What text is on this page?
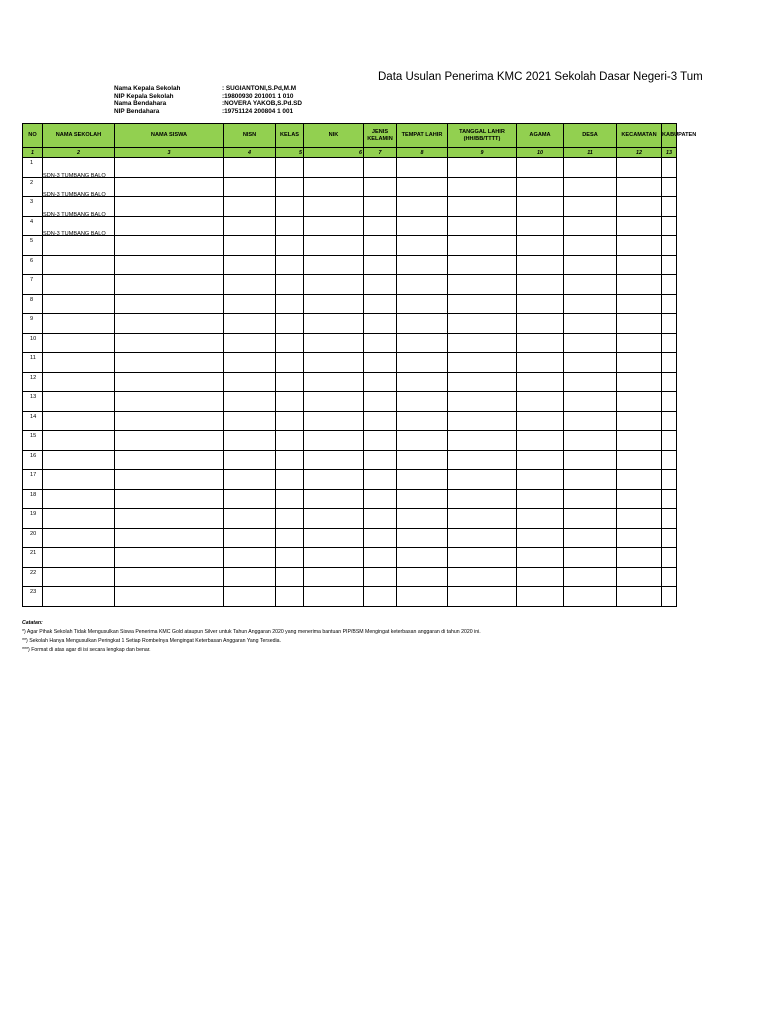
Data Usulan Penerima KMC 2021 Sekolah Dasar Negeri-3 Tum
Nama Kepala Sekolah	: SUGIANTONI,S.Pd,M.M
NIP Kepala Sekolah	:19800930 201001 1 010
Nama Bendahara	:NOVERA YAKOB,S.Pd.SD
NIP Bendahara	:19751124 200804 1 001
NO	NAMA SEKOLAH	NAMA SISWA	NISN	KELAS	NIK	JENIS KELAMIN	TEMPAT LAHIR	TANGGAL LAHIR (HH/BB/TTTT)	AGAMA	DESA	KECAMATAN	KABUPATEN
1	2	3	4	5	6	7	8	9	10	11	12	13
1	SDN-3 TUMBANG BALO											

2	SDN-3 TUMBANG BALO											

3	SDN-3 TUMBANG BALO											

4	SDN-3 TUMBANG BALO											

5	

6	

7	

8	

9	

10	

11	

12	

13	

14	

15	

16	

17	

18	

19	

20	

21	

22	

23	

Catatan:
*) Agar Pihak Sekolah Tidak Mengusulkan Siswa Penerima KMC Gold ataupun Silver untuk Tahun Anggaran 2020 yang menerima bantuan PIP/BSM Mengingat keterbasan anggaran di tahun 2020 ini.
**) Sekolah Hanya Mengusulkan Peringkat 1 Setiap Rombelnya Mengingat Keterbasan Anggaran Yang Tersedia.
***) Format di atas agar di isi secara lengkap dan benar.
